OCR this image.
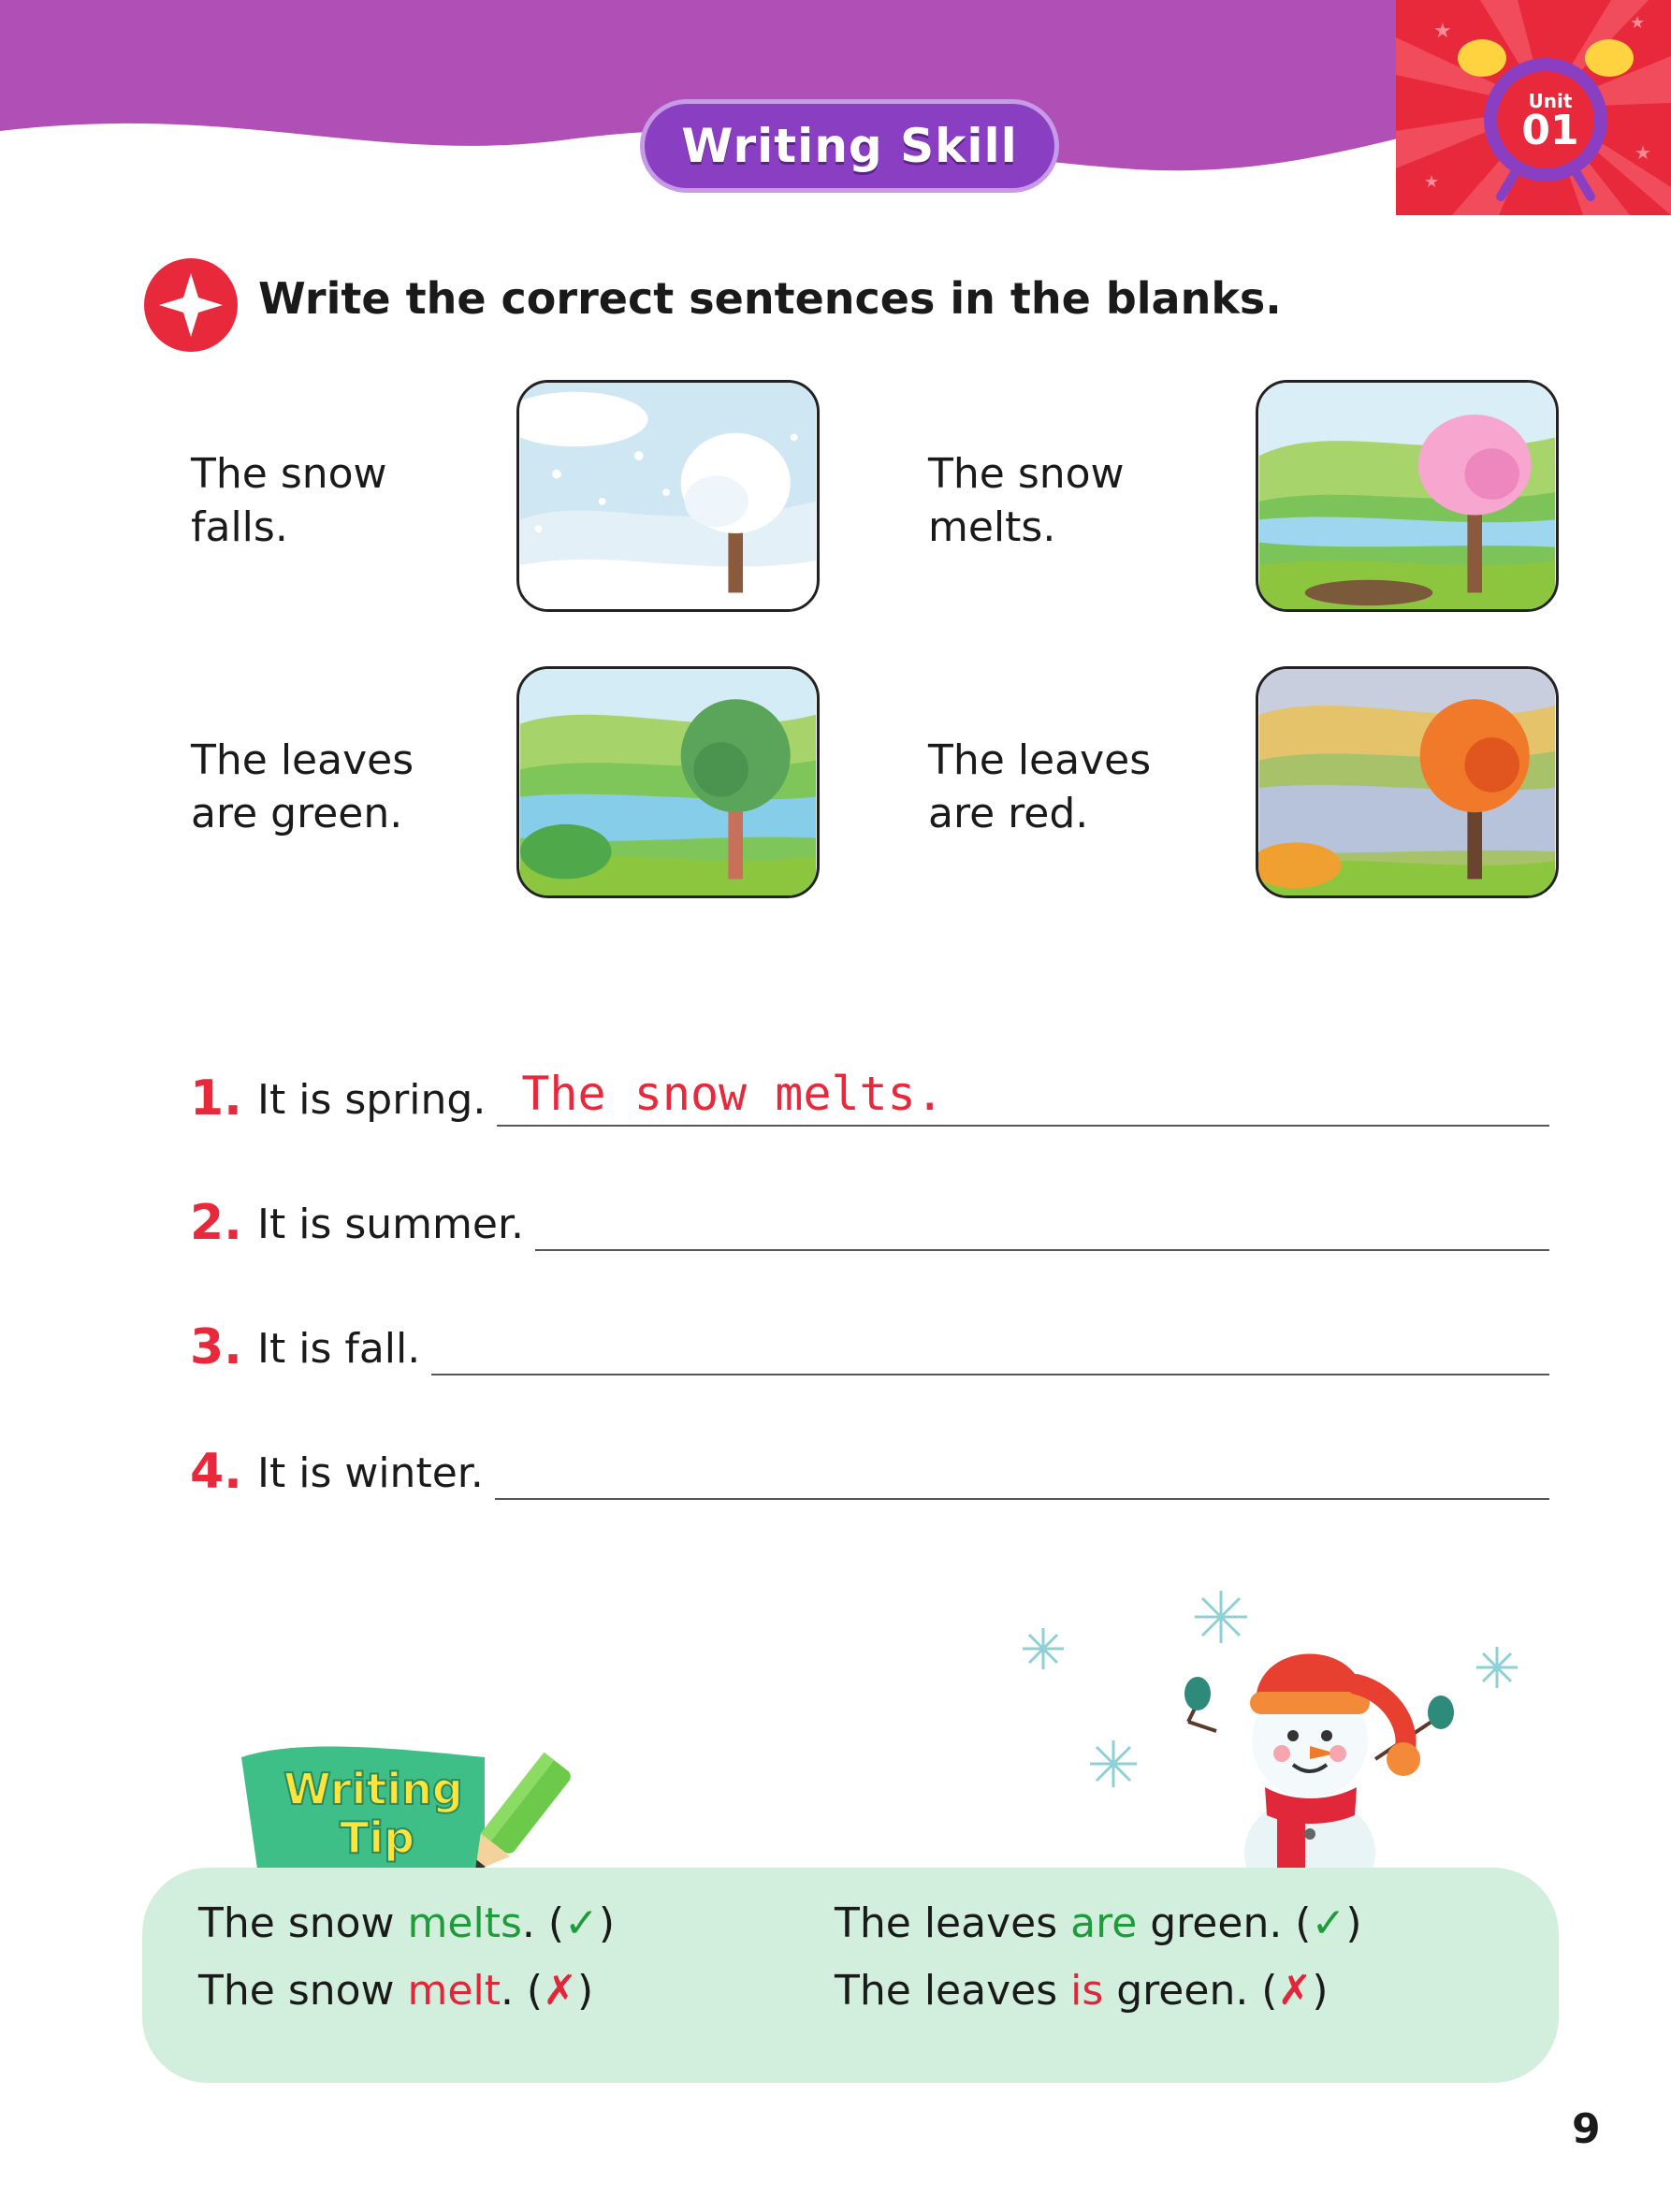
Writing Skill
★	★
★
★
Unit
01
Write the correct sentences in the blanks.
The snow falls.
The snow melts.
The leaves are green.
The leaves are red.
1. It is spring. The snow melts.
2. It is summer.
3. It is fall.
4. It is winter.
Writing
Tip
The snow melts. (✓)
The snow melt. (✗)
The leaves are green. (✓)
The leaves is green. (✗)
9
